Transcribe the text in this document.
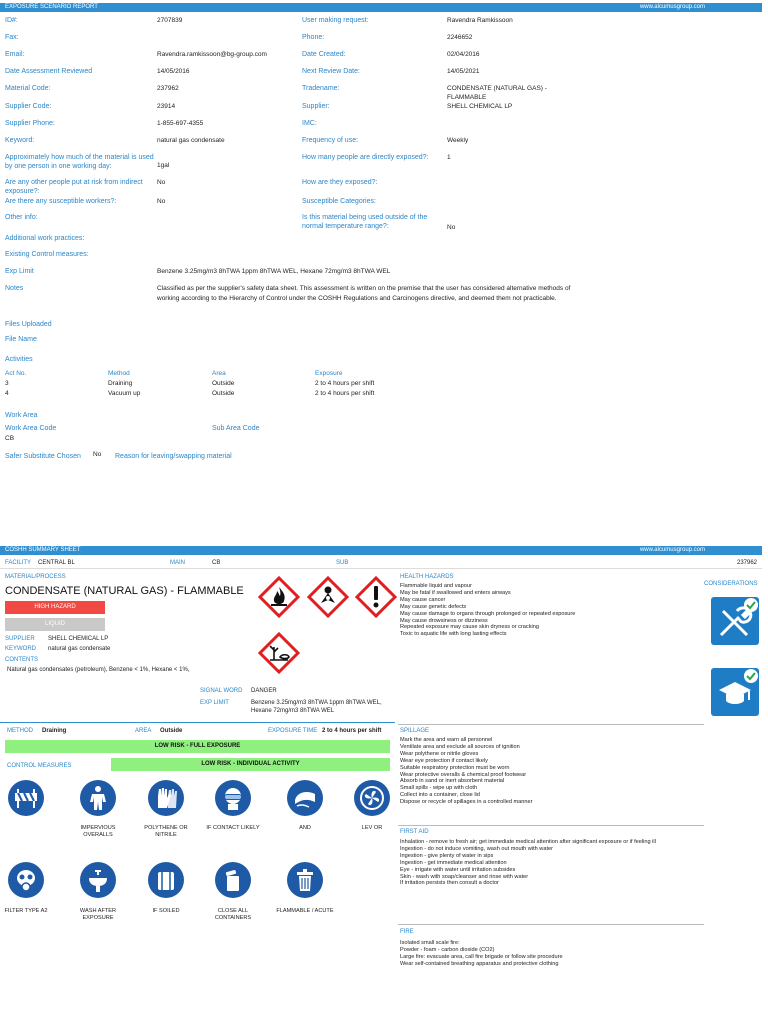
EXPOSURE SCENARIO REPORT	www.alcumusgroup.com
ID#:	2707839
Fax:
Email:	Ravendra.ramkissoon@bg-group.com
Date Assessment Reviewed	14/05/2016
Material Code:	237962
Supplier Code:	23914
Supplier Phone:	1-855-697-4355
Keyword:	natural gas condensate
Approximately how much of the material is used by one person in one working day:	1gal
Are any other people put at risk from indirect exposure?:
No
Are there any susceptible workers?:	No
Other info:
User making request:	Ravendra Ramkissoon
Phone:	2246652
Date Created:	02/04/2016
Next Review Date:	14/05/2021
Tradename:	CONDENSATE (NATURAL GAS) - FLAMMABLE
Supplier:	SHELL CHEMICAL LP
IMC:
Frequency of use:	Weekly
How many people are directly exposed?:	1
How are they exposed?:
Susceptible Categories:
Is this material being used outside of the normal temperature range?:	No
Additional work practices:
Existing Control measures:
Exp Limit	Benzene 3.25mg/m3 8hTWA 1ppm 8hTWA WEL, Hexane 72mg/m3 8hTWA WEL
Notes	Classified as per the supplier's safety data sheet. This assessment is written on the premise that the user has considered alternative methods of working according to the Hierarchy of Control under the COSHH Regulations and Carcinogens directive, and deemed them not practicable.
Files Uploaded
File Name
Activities
Act No.	Method	Area	Exposure
3	Draining	Outside	2 to 4 hours per shift
4	Vacuum up	Outside	2 to 4 hours per shift
Work Area
Work Area Code
CB
Sub Area Code
Safer Substitute Chosen No Reason for leaving/swapping material
COSHH SUMMARY SHEET	www.alcumusgroup.com
FACILITY CENTRAL BL	MAIN	CB	SUB	237962
MATERIAL/PROCESS
CONDENSATE (NATURAL GAS) - FLAMMABLE
HIGH HAZARD
LIQUID
SUPPLIER SHELL CHEMICAL LP
KEYWORD natural gas condensate
CONTENTS
Natural gas condensates (petroleum), Benzene < 1%, Hexane < 1%,
SIGNAL WORD DANGER
EXP LIMIT	Benzene 3.25mg/m3 8hTWA 1ppm 8hTWA WEL, Hexane 72mg/m3 8hTWA WEL
HEALTH HAZARDS
Flammable liquid and vapour
May be fatal if swallowed and enters airways
May cause cancer
May cause genetic defects
May cause damage to organs through prolonged or repeated exposure
May cause drowsiness or dizziness
Repeated exposure may cause skin dryness or cracking
Toxic to aquatic life with long lasting effects
CONSIDERATIONS
METHOD Draining	AREA Outside	EXPOSURE TIME 2 to 4 hours per shift
LOW RISK - FULL EXPOSURE
CONTROL MEASURES	LOW RISK - INDIVIDUAL ACTIVITY
IMPERVIOUS OVERALLS
POLYTHENE OR NITRILE
IF CONTACT LIKELY	AND	LEV OR
FILTER TYPE A2	WASH AFTER EXPOSURE
IF SOILED	CLOSE ALL CONTAINERS
FLAMMABLE / ACUTE
SPILLAGE
Mark the area and warn all personnel
Ventilate area and exclude all sources of ignition
Wear polythene or nitrile gloves
Wear eye protection if contact likely
Suitable respiratory protection must be worn
Wear protective overalls & chemical proof footwear
Absorb in sand or inert absorbent material
Small spills - wipe up with cloth
Collect into a container, close lid
Dispose or recycle of spillages in a controlled manner
FIRST AID
Inhalation - remove to fresh air; get immediate medical attention after significant exposure or if feeling ill
Ingestion - do not induce vomiting, wash out mouth with water
Ingestion - give plenty of water in sips
Ingestion - get immediate medical attention
Eye - irrigate with water until irritation subsides
Skin - wash with soap/cleanser and rinse with water
If irritation persists then consult a doctor
FIRE
Isolated small scale fire:
Powder - foam - carbon dioxide (CO2)
Large fire: evacuate area, call fire brigade or follow site procedure
Wear self-contained breathing apparatus and protective clothing
